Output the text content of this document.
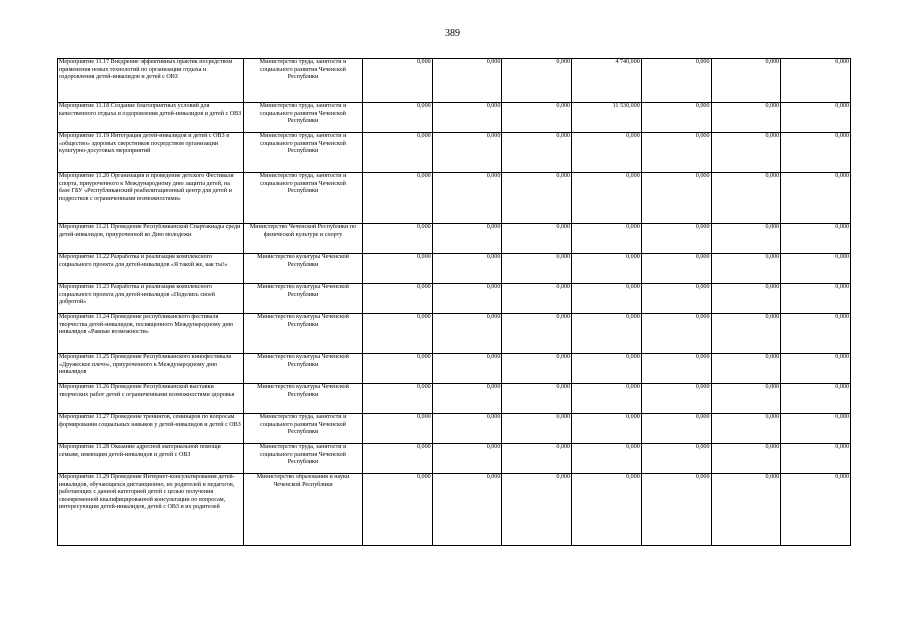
389
Мероприятие 11.17 Внедрение эффективных практик посредством применения новых технологий по организации отдыха и оздоровления детей-инвалидов и детей с ОВЗ	Министерство труда, занятости и социального развития Чеченской Республики	0,000	0,000	0,000	4 740,000	0,000	0,000	0,000
Мероприятие 11.18 Создание благоприятных условий для качественного отдыха и оздоровления детей-инвалидов и детей с ОВЗ	Министерство труда, занятости и социального развития Чеченской Республики	0,000	0,000	0,000	11 530,000	0,000	0,000	0,000
Мероприятие 11.19 Интеграция детей-инвалидов и детей с ОВЗ в «общество» здоровых сверстников посредством организации культурно-досуговых мероприятий	Министерство труда, занятости и социального развития Чеченской Республики	0,000	0,000	0,000	0,000	0,000	0,000	0,000
Мероприятие 11.20 Организация и проведение детского Фестиваля спорта, приуроченного к Международному дню защиты детей, на базе ГБУ «Республиканский реабилитационный центр для детей и подростков с ограниченными возможностями»	Министерство труда, занятости и социального развития Чеченской Республики	0,000	0,000	0,000	0,000	0,000	0,000	0,000
Мероприятие 11.21 Проведение Республиканской Спартакиады среди детей-инвалидов, приуроченной ко Дню молодежи	Министерство Чеченской Республики по физической культуре и спорту	0,000	0,000	0,000	0,000	0,000	0,000	0,000
Мероприятие 11.22 Разработка и реализация комплексного социального проекта для детей-инвалидов «Я такой же, как ты!»	Министерство культуры Чеченской Республики	0,000	0,000	0,000	0,000	0,000	0,000	0,000
Мероприятие 11.23 Разработка и реализация комплексного социального проекта для детей-инвалидов «Поделись своей добротой»	Министерство культуры Чеченской Республики	0,000	0,000	0,000	0,000	0,000	0,000	0,000
Мероприятие 11.24 Проведение республиканского фестиваля творчества детей-инвалидов, посвященного Международному дню инвалидов «Равные возможности»	Министерство культуры Чеченской Республики	0,000	0,000	0,000	0,000	0,000	0,000	0,000
Мероприятие 11.25 Проведение Республиканского кинофестиваля «Дружеское плечо», приуроченного к Международному дню инвалидов	Министерство культуры Чеченской Республики	0,000	0,000	0,000	0,000	0,000	0,000	0,000
Мероприятие 11.26 Проведение Республиканской выставки творческих работ детей с ограниченными возможностями здоровья	Министерство культуры Чеченской Республики	0,000	0,000	0,000	0,000	0,000	0,000	0,000
Мероприятие 11.27 Проведение тренингов, семинаров по вопросам формирования социальных навыков у детей-инвалидов и детей с ОВЗ	Министерство труда, занятости и социального развития Чеченской Республики	0,000	0,000	0,000	0,000	0,000	0,000	0,000
Мероприятие 11.28 Оказание адресной материальной помощи семьям, имеющим детей-инвалидов и детей с ОВЗ	Министерство труда, занятости и социального развития Чеченской Республики	0,000	0,000	0,000	0,000	0,000	0,000	0,000
Мероприятие 11.29 Проведение Интернет-консультирования детей-инвалидов, обучающихся дистанционно, их родителей и педагогов, работающих с данной категорией детей с целью получения своевременной квалифицированной консультации по вопросам, интересующим детей-инвалидов, детей с ОВЗ и их родителей	Министерство образования и науки Чеченской Республики	0,000	0,000	0,000	0,000	0,000	0,000	0,000
